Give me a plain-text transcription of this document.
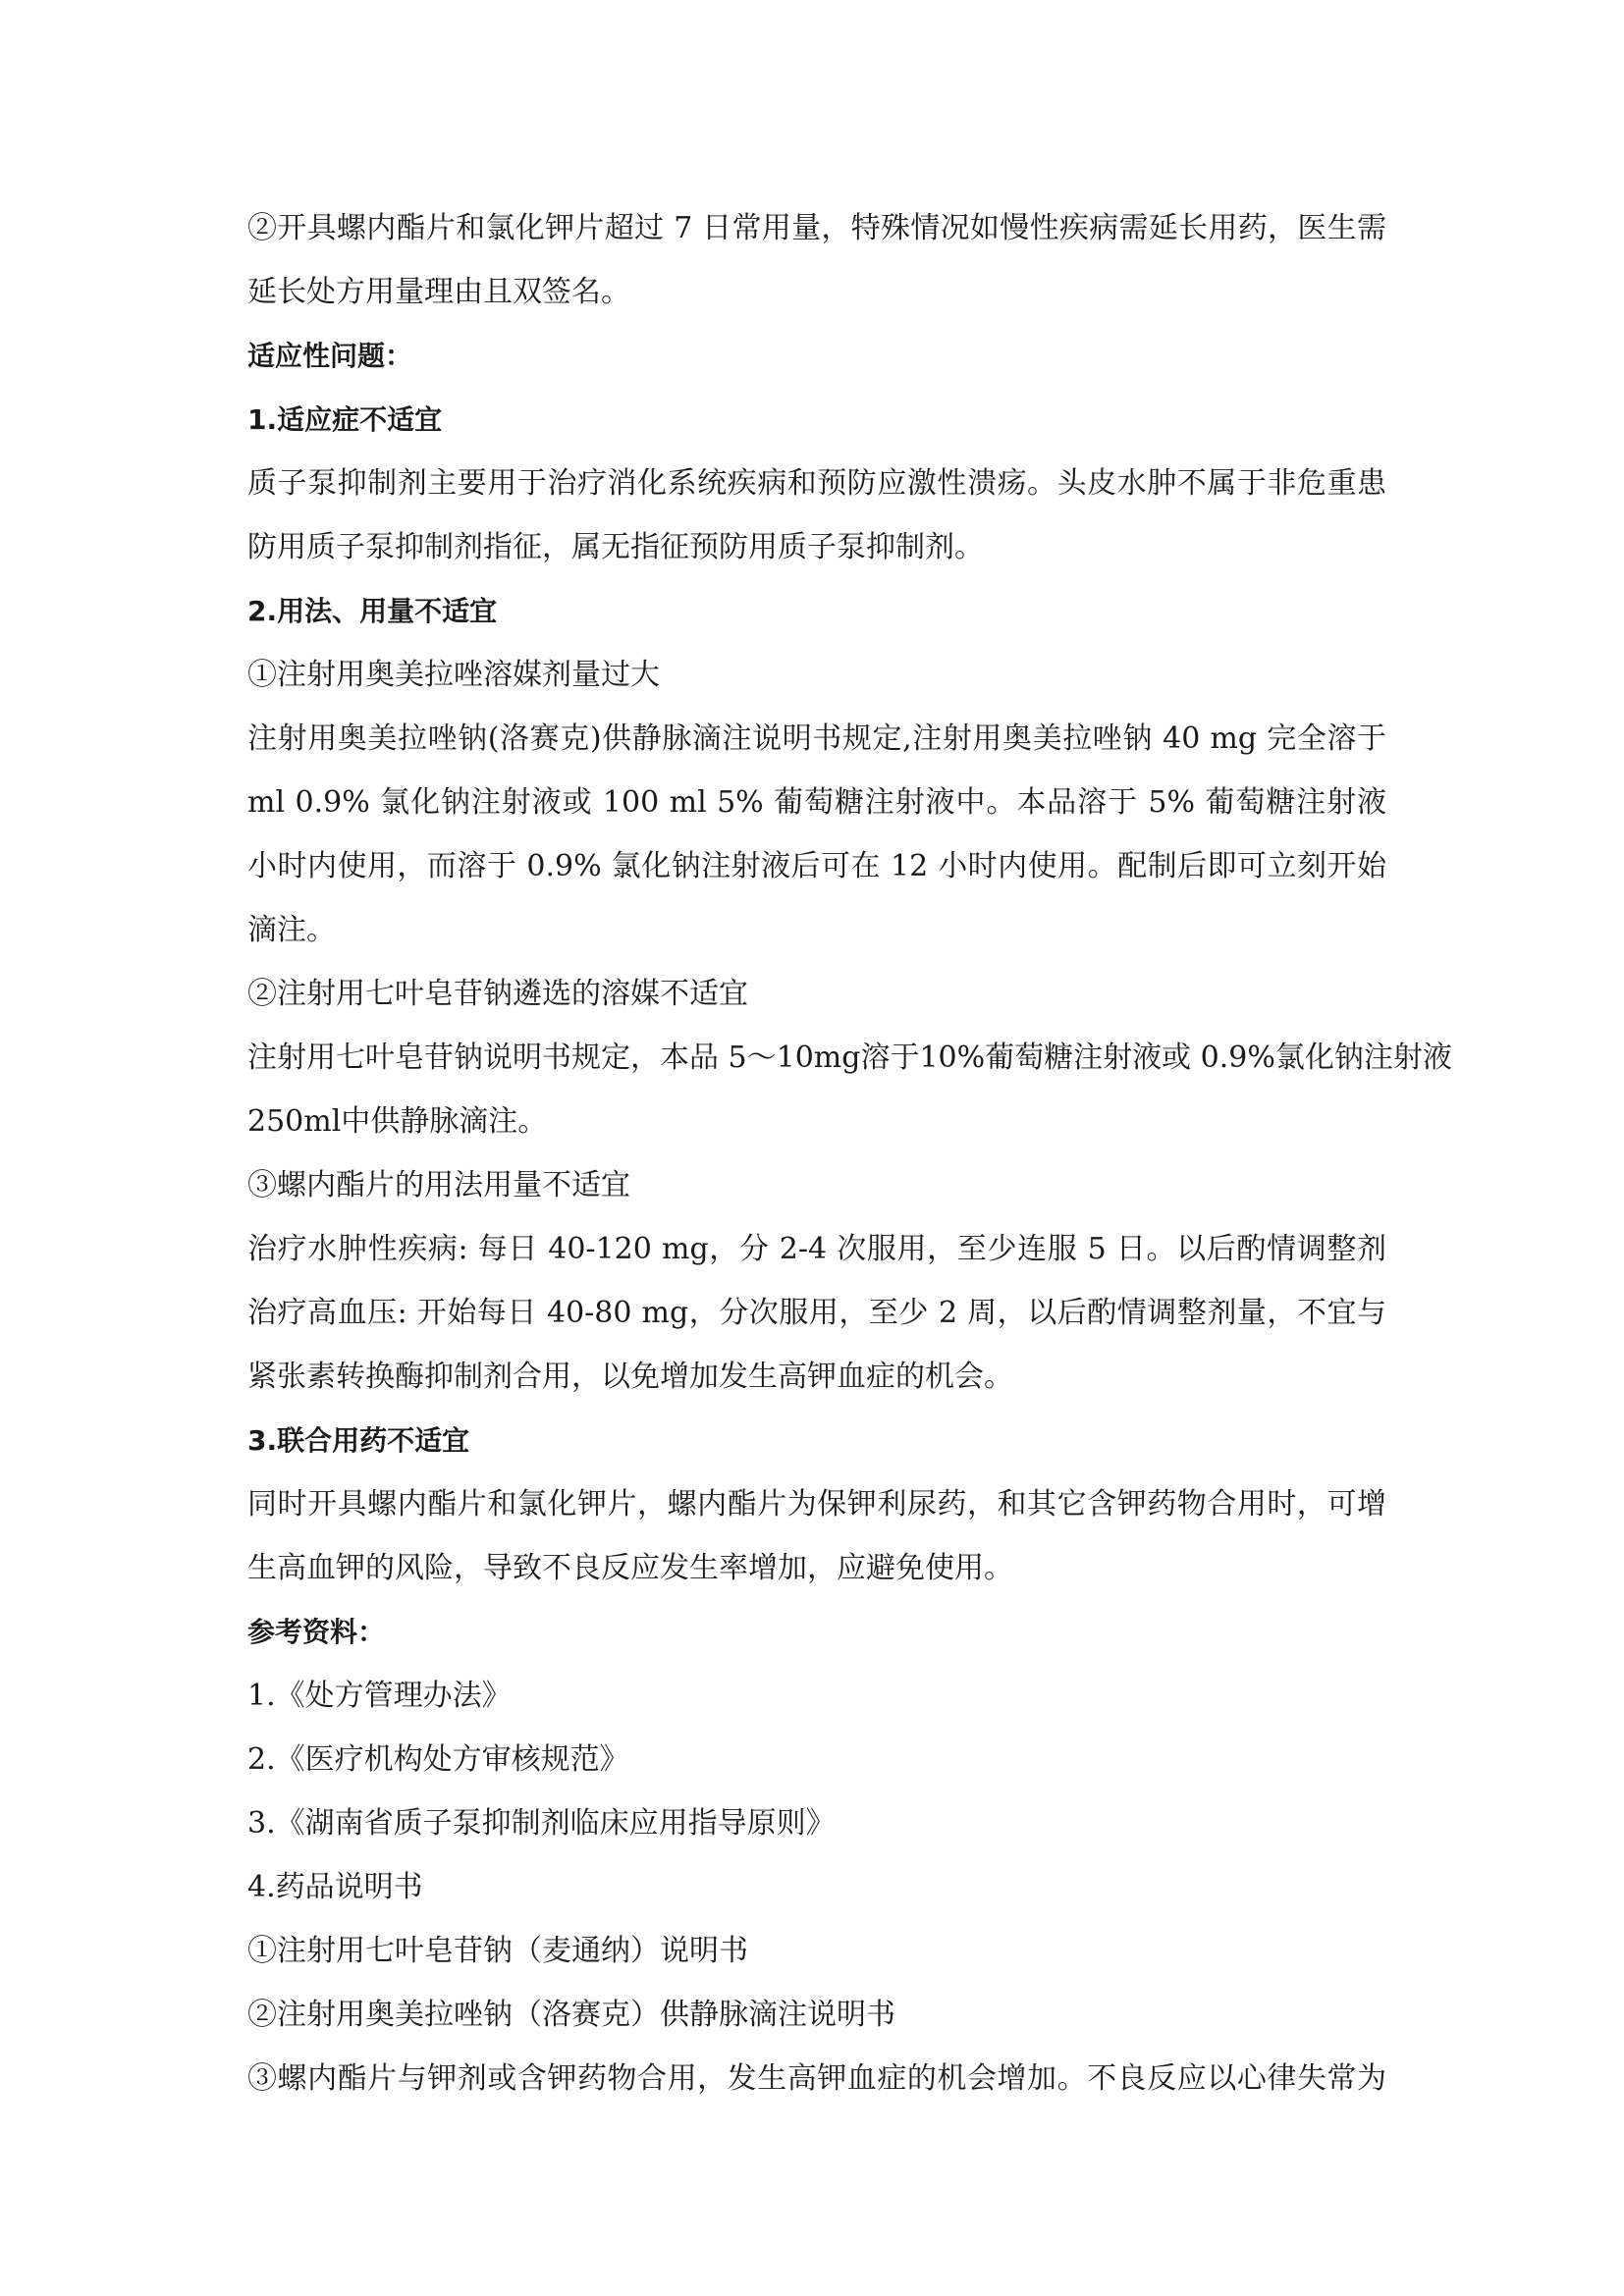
②开具螺内酯片和氯化钾片超过 7 日常用量，特殊情况如慢性疾病需延长用药，医生需
延长处方用量理由且双签名。
适应性问题：
1.适应症不适宜
质子泵抑制剂主要用于治疗消化系统疾病和预防应激性溃疡。头皮水肿不属于非危重患
防用质子泵抑制剂指征，属无指征预防用质子泵抑制剂。
2.用法、用量不适宜
①注射用奥美拉唑溶媒剂量过大
注射用奥美拉唑钠(洛赛克)供静脉滴注说明书规定,注射用奥美拉唑钠 40 mg 完全溶于
ml 0.9% 氯化钠注射液或 100 ml 5% 葡萄糖注射液中。本品溶于 5% 葡萄糖注射液
小时内使用，而溶于 0.9% 氯化钠注射液后可在 12 小时内使用。配制后即可立刻开始
滴注。
②注射用七叶皂苷钠遴选的溶媒不适宜
注射用七叶皂苷钠说明书规定，本品 5～10mg溶于10%葡萄糖注射液或 0.9%氯化钠注射液
250ml中供静脉滴注。
③螺内酯片的用法用量不适宜
治疗水肿性疾病: 每日 40-120 mg，分 2-4 次服用，至少连服 5 日。以后酌情调整剂
治疗高血压: 开始每日 40-80 mg，分次服用，至少 2 周，以后酌情调整剂量，不宜与
紧张素转换酶抑制剂合用，以免增加发生高钾血症的机会。
3.联合用药不适宜
同时开具螺内酯片和氯化钾片，螺内酯片为保钾利尿药，和其它含钾药物合用时，可增
生高血钾的风险，导致不良反应发生率增加，应避免使用。
参考资料：
1.《处方管理办法》
2.《医疗机构处方审核规范》
3.《湖南省质子泵抑制剂临床应用指导原则》
4.药品说明书
①注射用七叶皂苷钠（麦通纳）说明书
②注射用奥美拉唑钠（洛赛克）供静脉滴注说明书
③螺内酯片与钾剂或含钾药物合用，发生高钾血症的机会增加。不良反应以心律失常为
